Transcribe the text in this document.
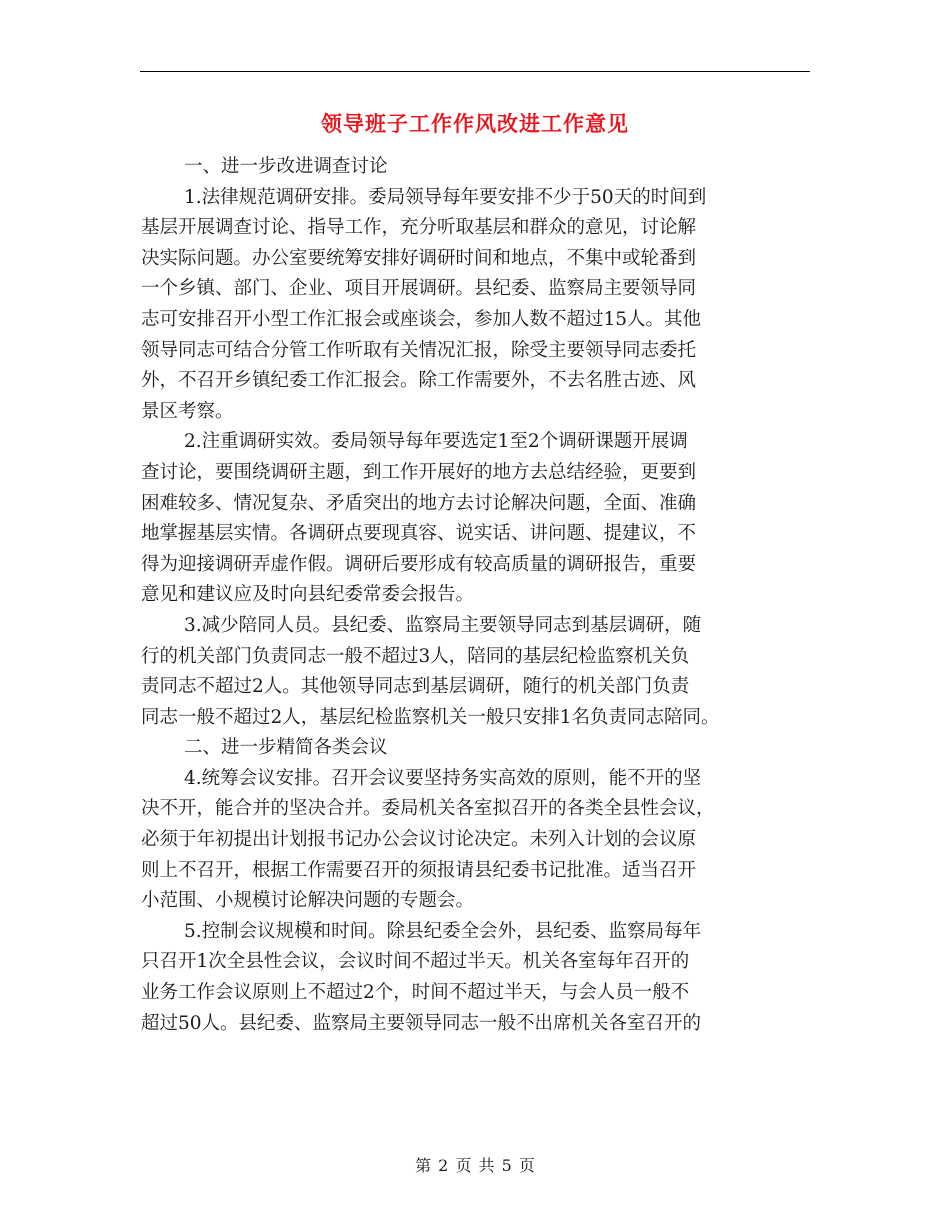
领导班子工作作风改进工作意见
一、进一步改进调查讨论
1.法律规范调研安排。委局领导每年要安排不少于50天的时间到
基层开展调查讨论、指导工作，充分听取基层和群众的意见，讨论解
决实际问题。办公室要统筹安排好调研时间和地点，不集中或轮番到
一个乡镇、部门、企业、项目开展调研。县纪委、监察局主要领导同
志可安排召开小型工作汇报会或座谈会，参加人数不超过15人。其他
领导同志可结合分管工作听取有关情况汇报，除受主要领导同志委托
外，不召开乡镇纪委工作汇报会。除工作需要外，不去名胜古迹、风
景区考察。
2.注重调研实效。委局领导每年要选定1至2个调研课题开展调
查讨论，要围绕调研主题，到工作开展好的地方去总结经验，更要到
困难较多、情况复杂、矛盾突出的地方去讨论解决问题，全面、准确
地掌握基层实情。各调研点要现真容、说实话、讲问题、提建议，不
得为迎接调研弄虚作假。调研后要形成有较高质量的调研报告，重要
意见和建议应及时向县纪委常委会报告。
3.减少陪同人员。县纪委、监察局主要领导同志到基层调研，随
行的机关部门负责同志一般不超过3人，陪同的基层纪检监察机关负
责同志不超过2人。其他领导同志到基层调研，随行的机关部门负责
同志一般不超过2人，基层纪检监察机关一般只安排1名负责同志陪同。
二、进一步精简各类会议
4.统筹会议安排。召开会议要坚持务实高效的原则，能不开的坚
决不开，能合并的坚决合并。委局机关各室拟召开的各类全县性会议，
必须于年初提出计划报书记办公会议讨论决定。未列入计划的会议原
则上不召开，根据工作需要召开的须报请县纪委书记批准。适当召开
小范围、小规模讨论解决问题的专题会。
5.控制会议规模和时间。除县纪委全会外，县纪委、监察局每年
只召开1次全县性会议，会议时间不超过半天。机关各室每年召开的
业务工作会议原则上不超过2个，时间不超过半天，与会人员一般不
超过50人。县纪委、监察局主要领导同志一般不出席机关各室召开的
第 2 页 共 5 页
